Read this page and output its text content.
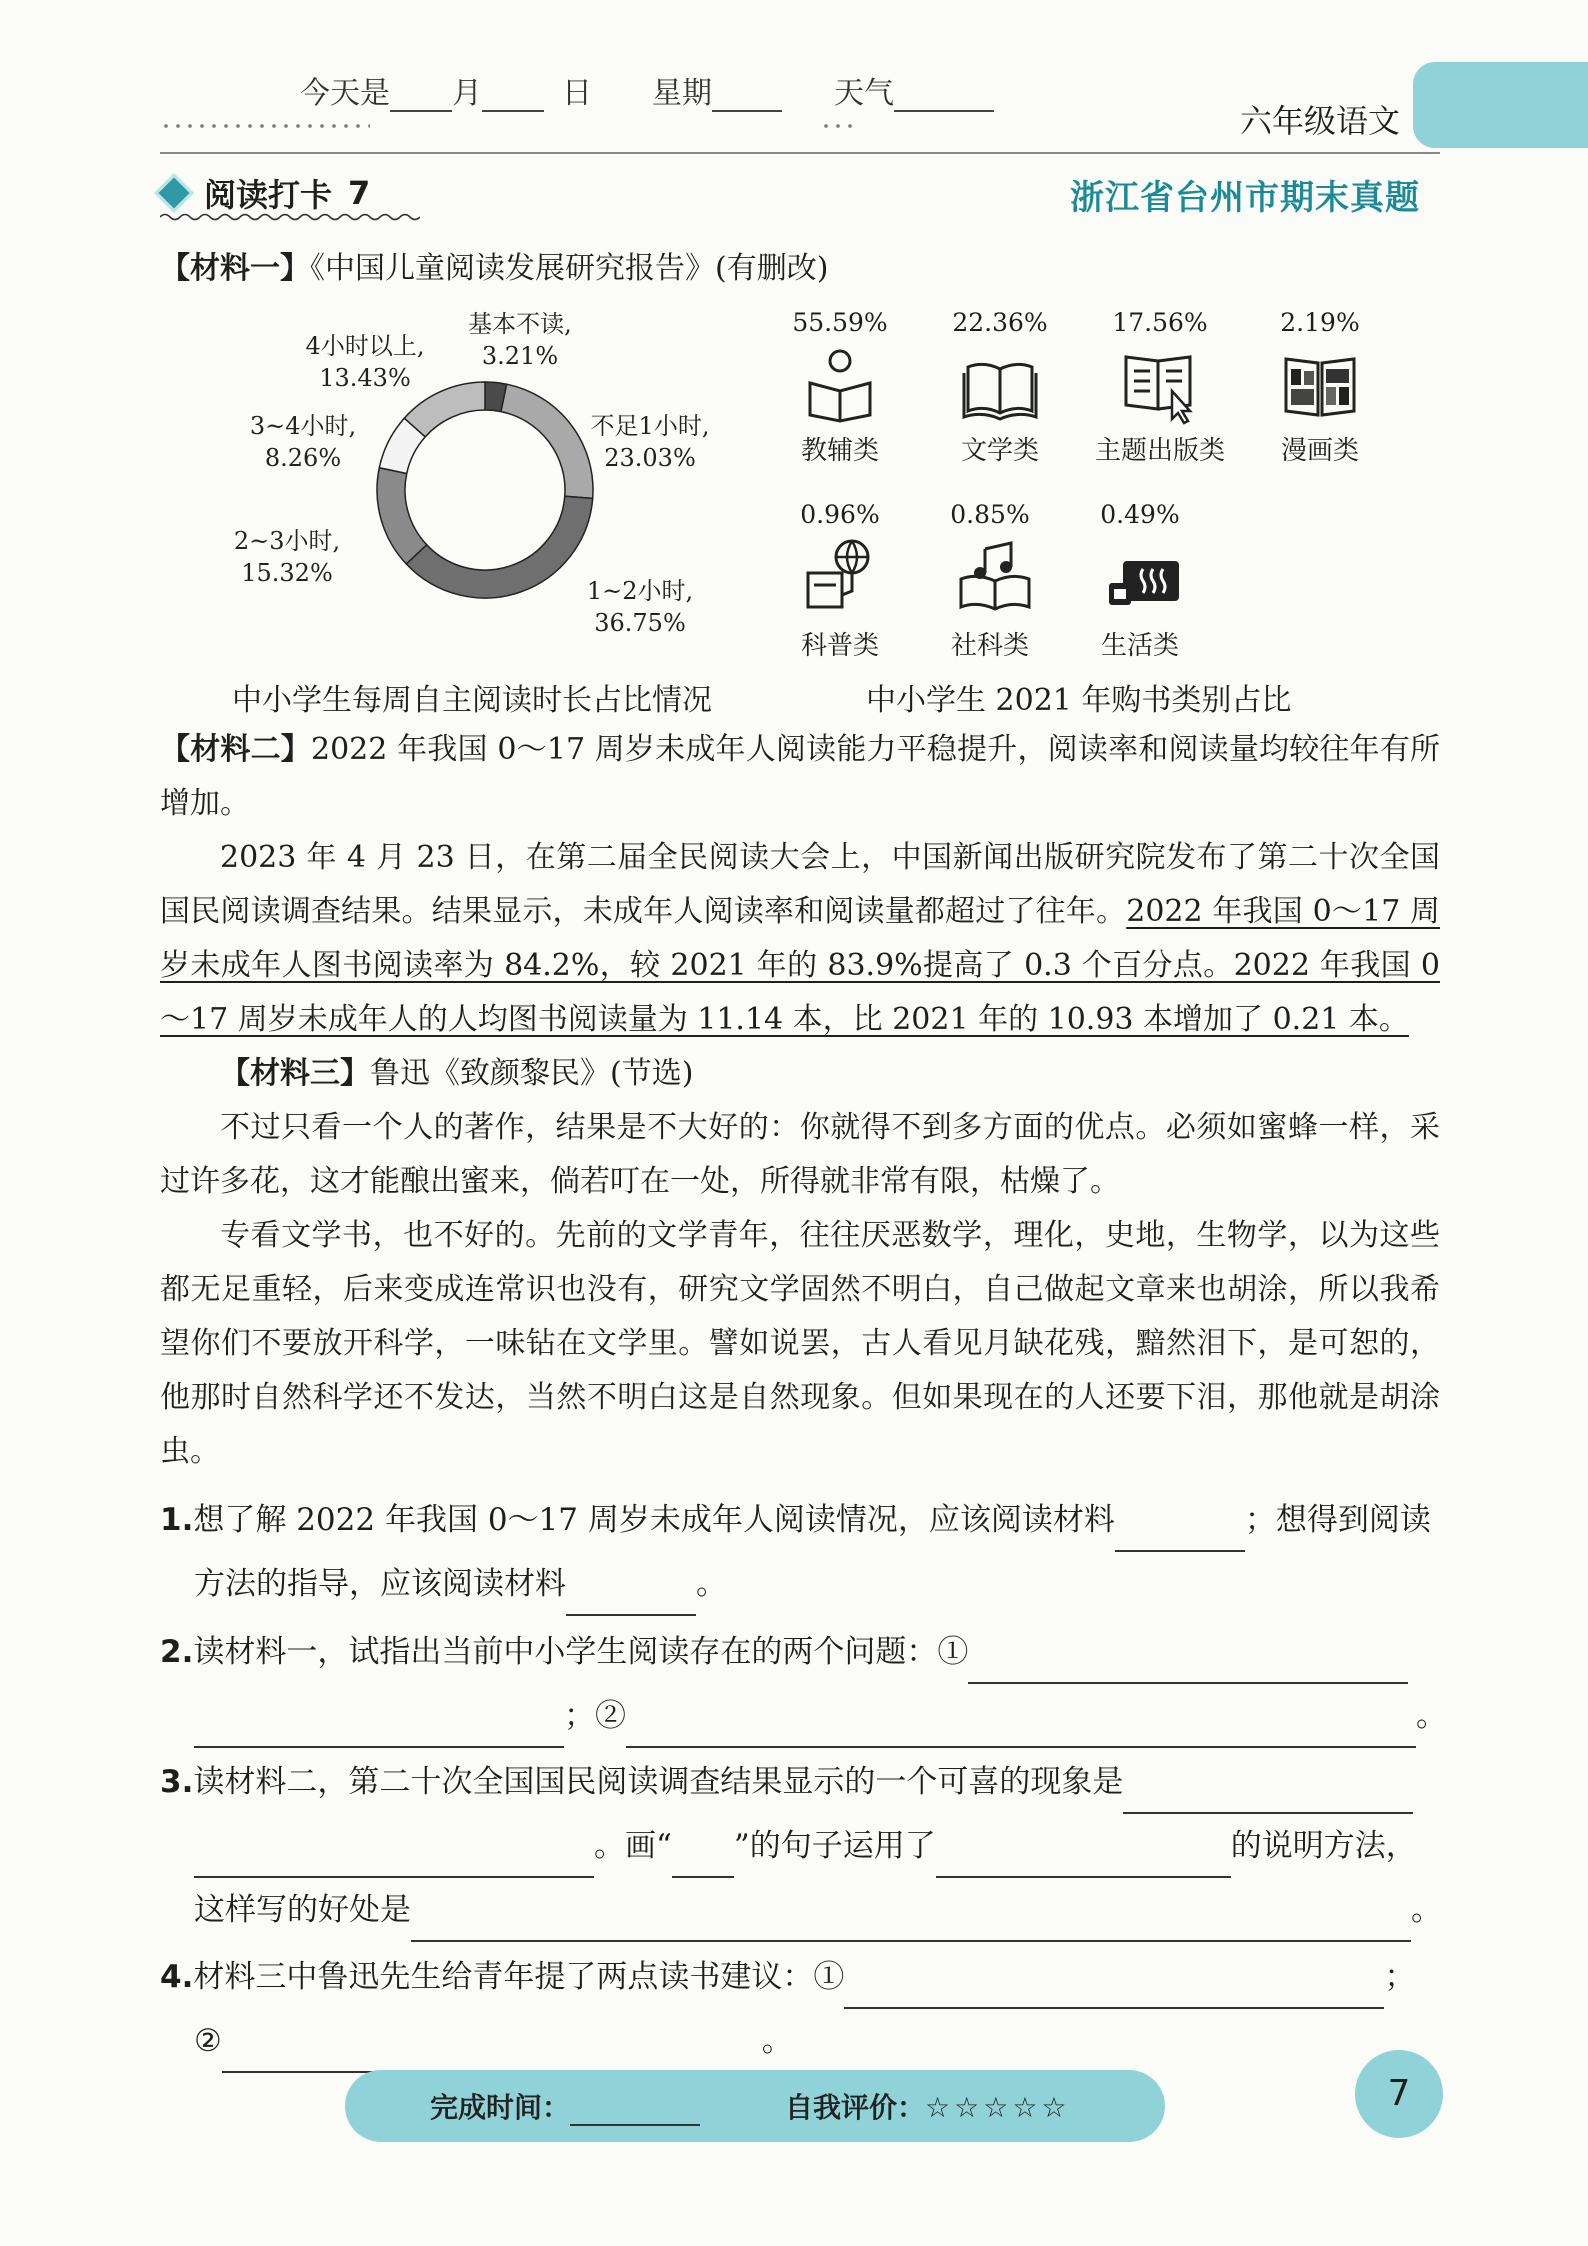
今天是 月	日 星期	天气
六年级语文
阅读打卡 7	浙江省台州市期末真题
【材料一】《中国儿童阅读发展研究报告》(有删改)
基本不读,
3.21%
4小时以上,
13.43%
3~4小时,
8.26%
2~3小时,
15.32%
不足1小时,
23.03%
1~2小时,
36.75%
55.59%	22.36%	17.56%	2.19%
教辅类	文学类	主题出版类	漫画类
0.96%	0.85%	0.49%
科普类	社科类	生活类
中小学生每周自主阅读时长占比情况	中小学生 2021 年购书类别占比
【材料二】2022 年我国 0～17 周岁未成年人阅读能力平稳提升，阅读率和阅读量均较往年有所增加。
2023 年 4 月 23 日，在第二届全民阅读大会上，中国新闻出版研究院发布了第二十次全国国民阅读调查结果。结果显示，未成年人阅读率和阅读量都超过了往年。2022 年我国 0～17 周岁未成年人图书阅读率为 84.2%，较 2021 年的 83.9%提高了 0.3 个百分点。2022 年我国 0～17 周岁未成年人的人均图书阅读量为 11.14 本，比 2021 年的 10.93 本增加了 0.21 本。
【材料三】鲁迅《致颜黎民》(节选)
不过只看一个人的著作，结果是不大好的：你就得不到多方面的优点。必须如蜜蜂一样，采过许多花，这才能酿出蜜来，倘若叮在一处，所得就非常有限，枯燥了。
专看文学书，也不好的。先前的文学青年，往往厌恶数学，理化，史地，生物学，以为这些都无足重轻，后来变成连常识也没有，研究文学固然不明白，自己做起文章来也胡涂，所以我希望你们不要放开科学，一味钻在文学里。譬如说罢，古人看见月缺花残，黯然泪下，是可恕的，他那时自然科学还不发达，当然不明白这是自然现象。但如果现在的人还要下泪，那他就是胡涂虫。
1.想了解 2022 年我国 0～17 周岁未成年人阅读情况，应该阅读材料	；想得到阅读
方法的指导，应该阅读材料	。
2.读材料一，试指出当前中小学生阅读存在的两个问题：①
；②	。
3.读材料二，第二十次全国国民阅读调查结果显示的一个可喜的现象是
。画“ ”的句子运用了	的说明方法，
这样写的好处是	。
4.材料三中鲁迅先生给青年提了两点读书建议：①	；
②	。
完成时间：	自我评价：☆☆☆☆☆	7
